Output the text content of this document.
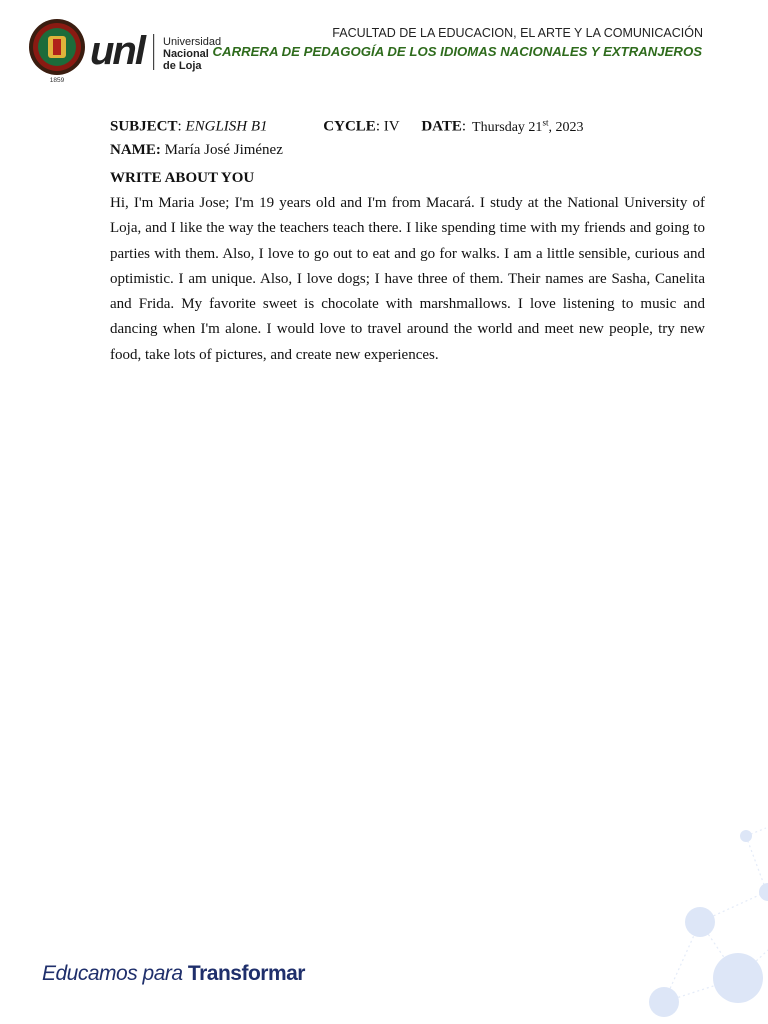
1859
unl Universidad
Nacional
de Loja
FACULTAD DE LA EDUCACION, EL ARTE Y LA COMUNICACIÓN
CARRERA DE PEDAGOGÍA DE LOS IDIOMAS NACIONALES Y EXTRANJEROS
SUBJECT: ENGLISH B1	CYCLE: IV DATE: Thursday 21st, 2023
NAME: María José Jiménez
WRITE ABOUT YOU
Hi, I'm Maria Jose; I'm 19 years old and I'm from Macará. I study at the National University of Loja, and I like the way the teachers teach there. I like spending time with my friends and going to parties with them. Also, I love to go out to eat and go for walks. I am a little sensible, curious and optimistic. I am unique. Also, I love dogs; I have three of them. Their names are Sasha, Canelita and Frida. My favorite sweet is chocolate with marshmallows. I love listening to music and dancing when I'm alone. I would love to travel around the world and meet new people, try new food, take lots of pictures, and create new experiences.
Educamos para Transformar
